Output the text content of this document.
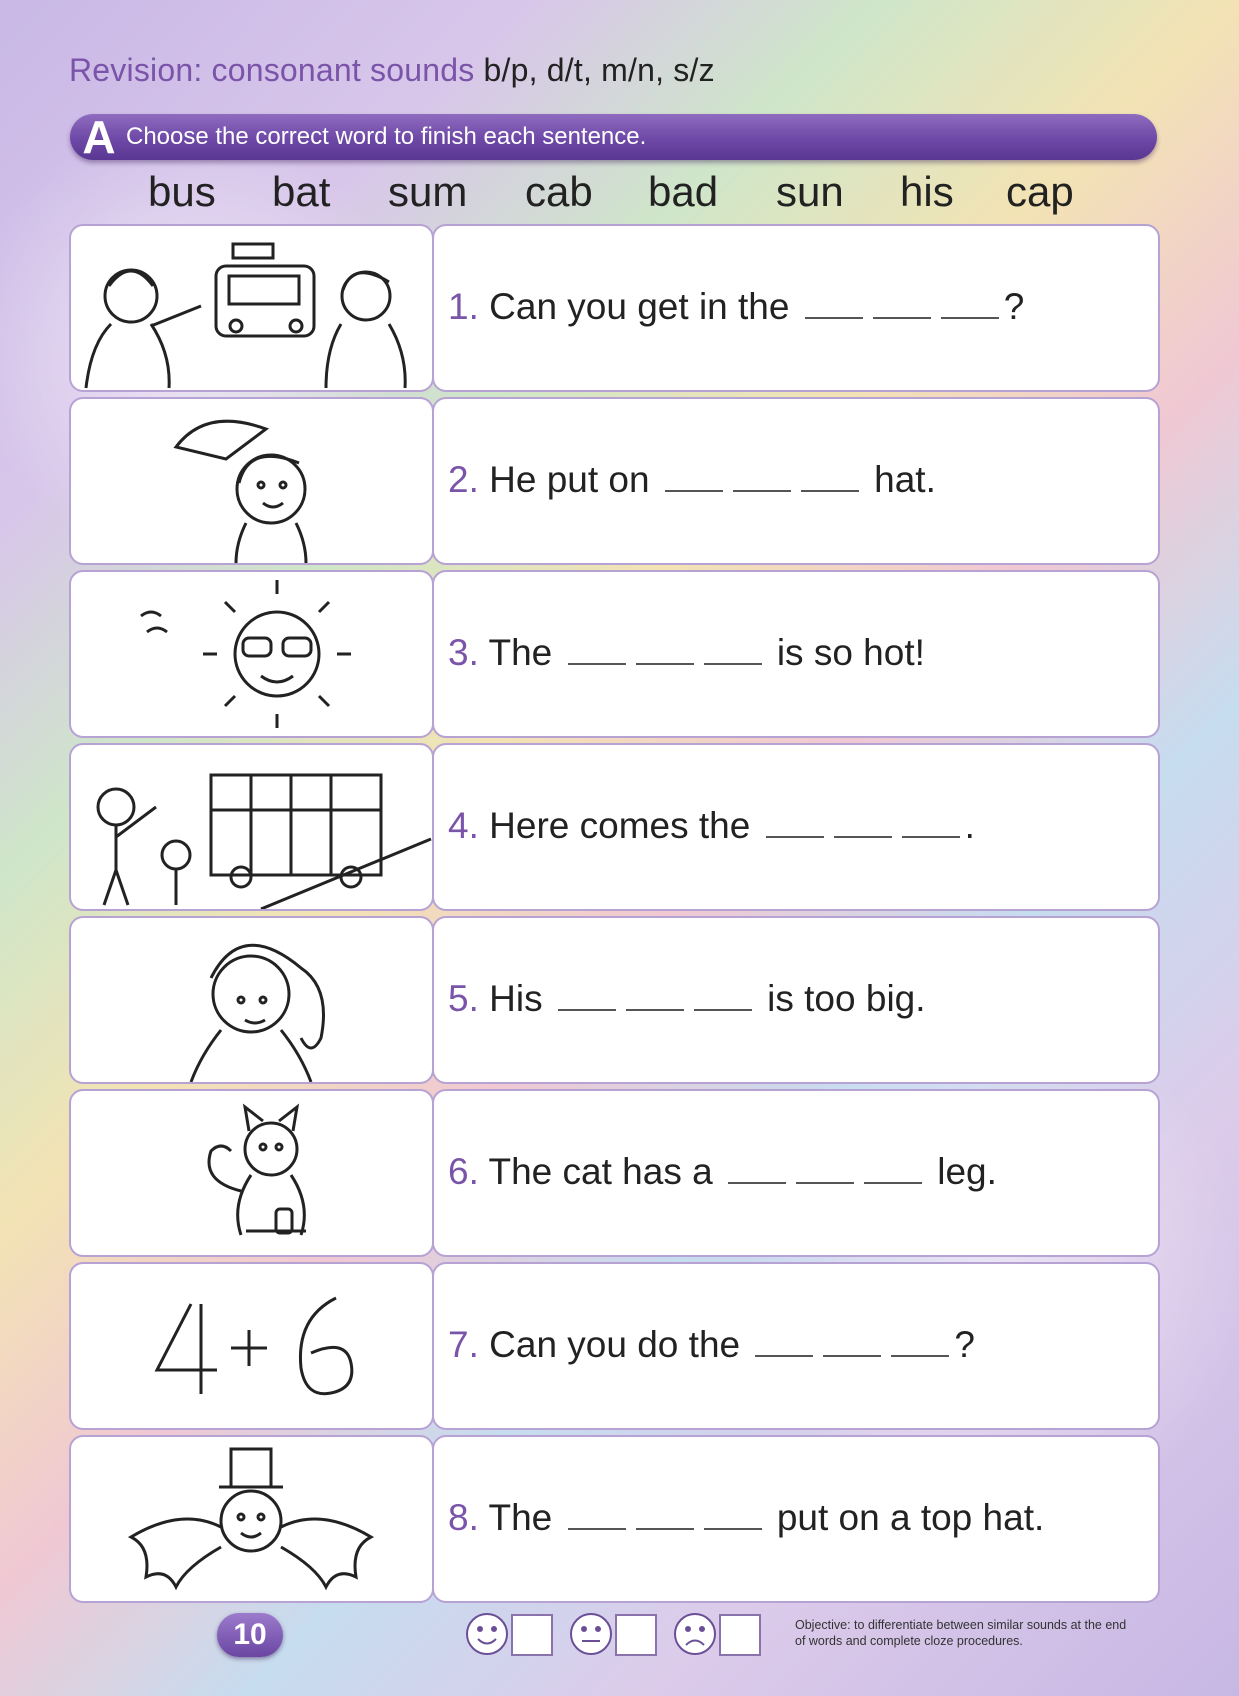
Revision: consonant sounds b/p, d/t, m/n, s/z
A Choose the correct word to finish each sentence.
bus bat sum cab bad sun his cap
1. Can you get in the	?
2. He put on	hat.
3. The	is so hot!
4. Here comes the	.
5. His	is too big.
6. The cat has a	leg.
7. Can you do the	?
8. The	put on a top hat.
10	Objective: to differentiate between similar sounds at the end of words and complete cloze procedures.
